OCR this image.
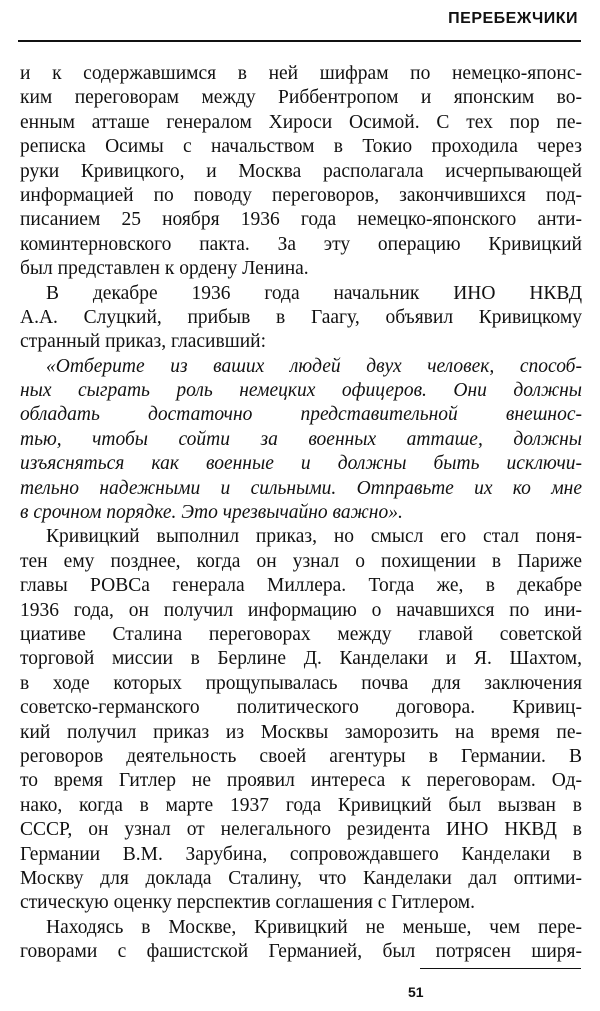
ПЕРЕБЕЖЧИКИ
и к содержавшимся в ней шифрам по немецко-японс-
ким переговорам между Риббентропом и японским во-
енным атташе генералом Хироси Осимой. С тех пор пе-
реписка Осимы с начальством в Токио проходила через
руки Кривицкого, и Москва располагала исчерпывающей
информацией по поводу переговоров, закончившихся под-
писанием 25 ноября 1936 года немецко-японского анти-
коминтерновского пакта. За эту операцию Кривицкий
был представлен к ордену Ленина.
В декабре 1936 года начальник ИНО НКВД
А.А. Слуцкий, прибыв в Гаагу, объявил Кривицкому
странный приказ, гласивший:
«Отберите из ваших людей двух человек, способ-
ных сыграть роль немецких офицеров. Они должны
обладать достаточно представительной внешнос-
тью, чтобы сойти за военных атташе, должны
изъясняться как военные и должны быть исключи-
тельно надежными и сильными. Отправьте их ко мне
в срочном порядке. Это чрезвычайно важно».
Кривицкий выполнил приказ, но смысл его стал поня-
тен ему позднее, когда он узнал о похищении в Париже
главы РОВСа генерала Миллера. Тогда же, в декабре
1936 года, он получил информацию о начавшихся по ини-
циативе Сталина переговорах между главой советской
торговой миссии в Берлине Д. Канделаки и Я. Шахтом,
в ходе которых прощупывалась почва для заключения
советско-германского политического договора. Кривиц-
кий получил приказ из Москвы заморозить на время пе-
реговоров деятельность своей агентуры в Германии. В
то время Гитлер не проявил интереса к переговорам. Од-
нако, когда в марте 1937 года Кривицкий был вызван в
СССР, он узнал от нелегального резидента ИНО НКВД в
Германии В.М. Зарубина, сопровождавшего Канделаки в
Москву для доклада Сталину, что Канделаки дал оптими-
стическую оценку перспектив соглашения с Гитлером.
Находясь в Москве, Кривицкий не меньше, чем пере-
говорами с фашистской Германией, был потрясен ширя-
51
